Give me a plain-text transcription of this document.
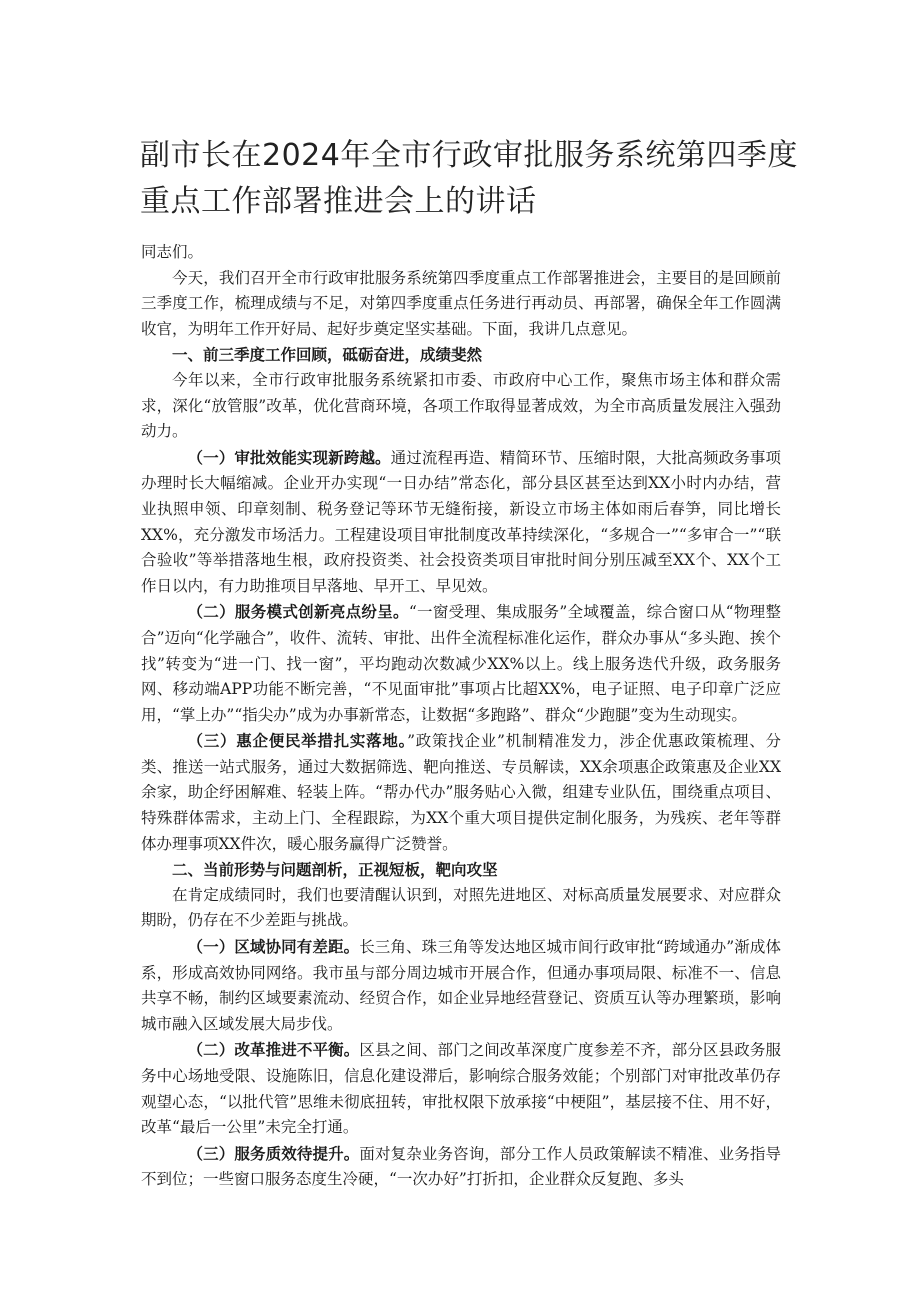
副市长在2024年全市行政审批服务系统第四季度重点工作部署推进会上的讲话

同志们。

今天，我们召开全市行政审批服务系统第四季度重点工作部署推进会，主要目的是回顾前三季度工作，梳理成绩与不足，对第四季度重点任务进行再动员、再部署，确保全年工作圆满收官，为明年工作开好局、起好步奠定坚实基础。下面，我讲几点意见。

一、前三季度工作回顾，砥砺奋进，成绩斐然

今年以来，全市行政审批服务系统紧扣市委、市政府中心工作，聚焦市场主体和群众需求，深化“放管服”改革，优化营商环境，各项工作取得显著成效，为全市高质量发展注入强劲动力。

（一）审批效能实现新跨越。通过流程再造、精简环节、压缩时限，大批高频政务事项办理时长大幅缩减。企业开办实现“一日办结”常态化，部分县区甚至达到XX小时内办结，营业执照申领、印章刻制、税务登记等环节无缝衔接，新设立市场主体如雨后春笋，同比增长XX%，充分激发市场活力。工程建设项目审批制度改革持续深化，“多规合一”“多审合一”“联合验收”等举措落地生根，政府投资类、社会投资类项目审批时间分别压减至XX个、XX个工作日以内，有力助推项目早落地、早开工、早见效。

（二）服务模式创新亮点纷呈。“一窗受理、集成服务”全域覆盖，综合窗口从“物理整合”迈向“化学融合”，收件、流转、审批、出件全流程标准化运作，群众办事从“多头跑、挨个找”转变为“进一门、找一窗”，平均跑动次数减少XX%以上。线上服务迭代升级，政务服务网、移动端APP功能不断完善，“不见面审批”事项占比超XX%，电子证照、电子印章广泛应用，“掌上办”“指尖办”成为办事新常态，让数据“多跑路”、群众“少跑腿”变为生动现实。

（三）惠企便民举措扎实落地。”政策找企业”机制精准发力，涉企优惠政策梳理、分类、推送一站式服务，通过大数据筛选、靶向推送、专员解读，XX余项惠企政策惠及企业XX余家，助企纾困解难、轻装上阵。“帮办代办”服务贴心入微，组建专业队伍，围绕重点项目、特殊群体需求，主动上门、全程跟踪，为XX个重大项目提供定制化服务，为残疾、老年等群体办理事项XX件次，暖心服务赢得广泛赞誉。

二、当前形势与问题剖析，正视短板，靶向攻坚

在肯定成绩同时，我们也要清醒认识到，对照先进地区、对标高质量发展要求、对应群众期盼，仍存在不少差距与挑战。

（一）区域协同有差距。长三角、珠三角等发达地区城市间行政审批“跨域通办”渐成体系，形成高效协同网络。我市虽与部分周边城市开展合作，但通办事项局限、标准不一、信息共享不畅，制约区域要素流动、经贸合作，如企业异地经营登记、资质互认等办理繁琐，影响城市融入区域发展大局步伐。

（二）改革推进不平衡。区县之间、部门之间改革深度广度参差不齐，部分区县政务服务中心场地受限、设施陈旧，信息化建设滞后，影响综合服务效能；个别部门对审批改革仍存观望心态，“以批代管”思维未彻底扭转，审批权限下放承接“中梗阻”，基层接不住、用不好，改革“最后一公里”未完全打通。

（三）服务质效待提升。面对复杂业务咨询，部分工作人员政策解读不精准、业务指导不到位；一些窗口服务态度生冷硬，“一次办好”打折扣，企业群众反复跑、多头
